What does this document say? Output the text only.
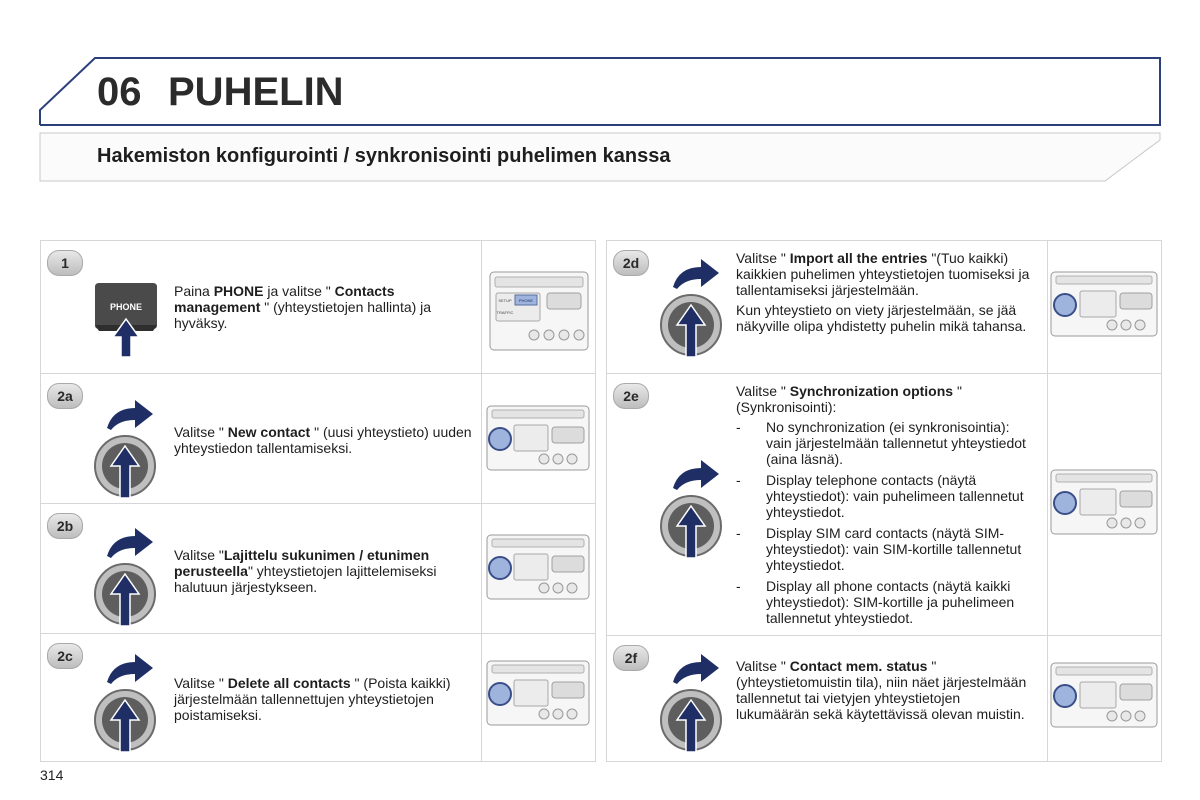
06 PUHELIN
Hakemiston konfigurointi / synkronisointi puhelimen kanssa
1
PHONE
Paina PHONE ja valitse " Contacts management " (yhteystietojen hallinta) ja hyväksy.
SETUP PHONE
TRAFFIC
2a
Valitse " New contact " (uusi yhteystieto) uuden yhteystiedon tallentamiseksi.
2b
Valitse "Lajittelu sukunimen / etunimen perusteella" yhteystietojen lajittelemiseksi halutuun järjestykseen.
2c
Valitse " Delete all contacts " (Poista kaikki) järjestelmään tallennettujen yhteystietojen poistamiseksi.
2d	Valitse " Import all the entries "(Tuo kaikki) kaikkien puhelimen yhteystietojen tuomiseksi ja tallentamiseksi järjestelmään.
Kun yhteystieto on viety järjestelmään, se jää näkyville olipa yhdistetty puhelin mikä tahansa.
2e	Valitse " Synchronization options " (Synkronisointi):
- No synchronization (ei synkronisointia): vain järjestelmään tallennetut yhteystiedot (aina läsnä).
- Display telephone contacts (näytä yhteystiedot): vain puhelimeen tallennetut yhteystiedot.
- Display SIM card contacts (näytä SIM-yhteystiedot): vain SIM-kortille tallennetut yhteystiedot.
- Display all phone contacts (näytä kaikki yhteystiedot): SIM-kortille ja puhelimeen tallennetut yhteystiedot.
2f	Valitse " Contact mem. status " (yhteystietomuistin tila), niin näet järjestelmään tallennetut tai vietyjen yhteystietojen lukumäärän sekä käytettävissä olevan muistin.
314
